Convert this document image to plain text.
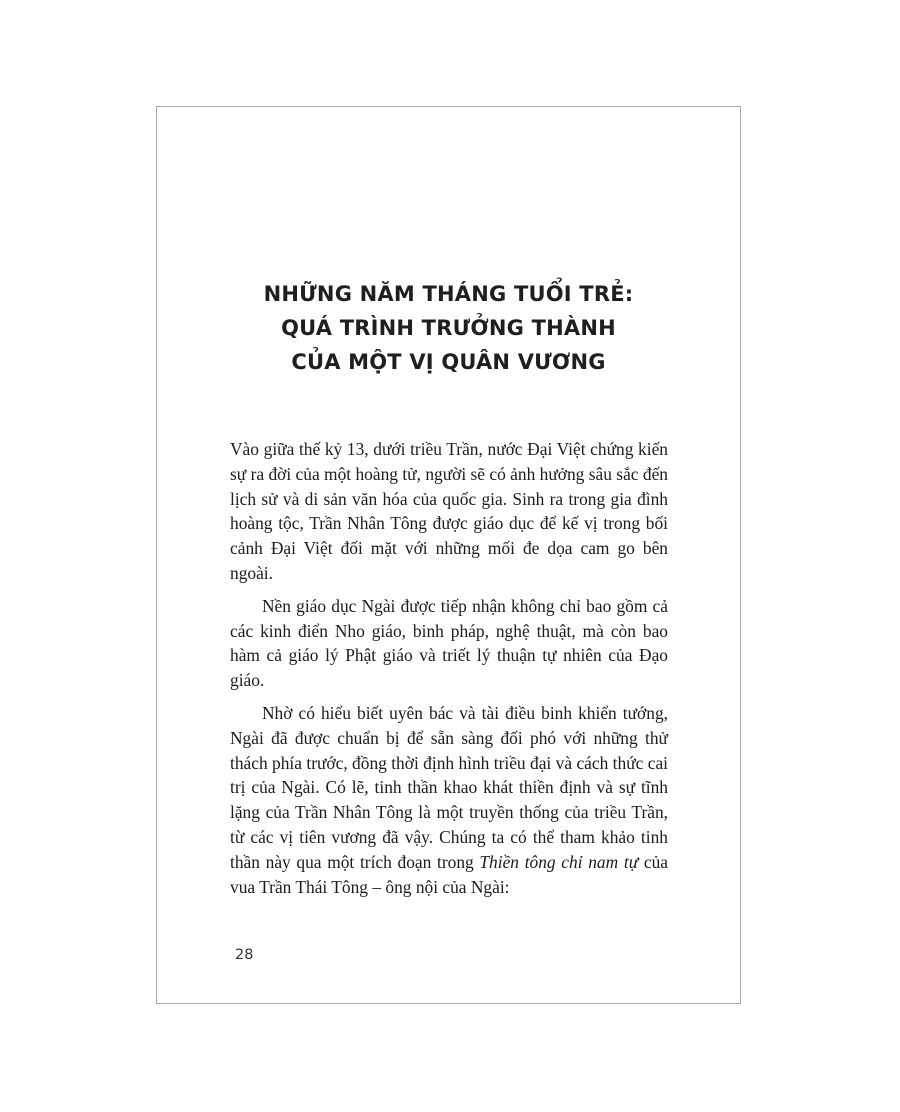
NHỮNG NĂM THÁNG TUỔI TRẺ:
QUÁ TRÌNH TRƯỞNG THÀNH
CỦA MỘT VỊ QUÂN VƯƠNG

Vào giữa thế kỷ 13, dưới triều Trần, nước Đại Việt chứng kiến sự ra đời của một hoàng tử, người sẽ có ảnh hưởng sâu sắc đến lịch sử và di sản văn hóa của quốc gia. Sinh ra trong gia đình hoàng tộc, Trần Nhân Tông được giáo dục để kế vị trong bối cảnh Đại Việt đối mặt với những mối đe dọa cam go bên ngoài.

Nền giáo dục Ngài được tiếp nhận không chỉ bao gồm cả các kinh điển Nho giáo, binh pháp, nghệ thuật, mà còn bao hàm cả giáo lý Phật giáo và triết lý thuận tự nhiên của Đạo giáo.

Nhờ có hiểu biết uyên bác và tài điều binh khiển tướng, Ngài đã được chuẩn bị để sẵn sàng đối phó với những thử thách phía trước, đồng thời định hình triều đại và cách thức cai trị của Ngài. Có lẽ, tinh thần khao khát thiền định và sự tĩnh lặng của Trần Nhân Tông là một truyền thống của triều Trần, từ các vị tiên vương đã vậy. Chúng ta có thể tham khảo tinh thần này qua một trích đoạn trong Thiền tông chỉ nam tự của vua Trần Thái Tông – ông nội của Ngài:

28
